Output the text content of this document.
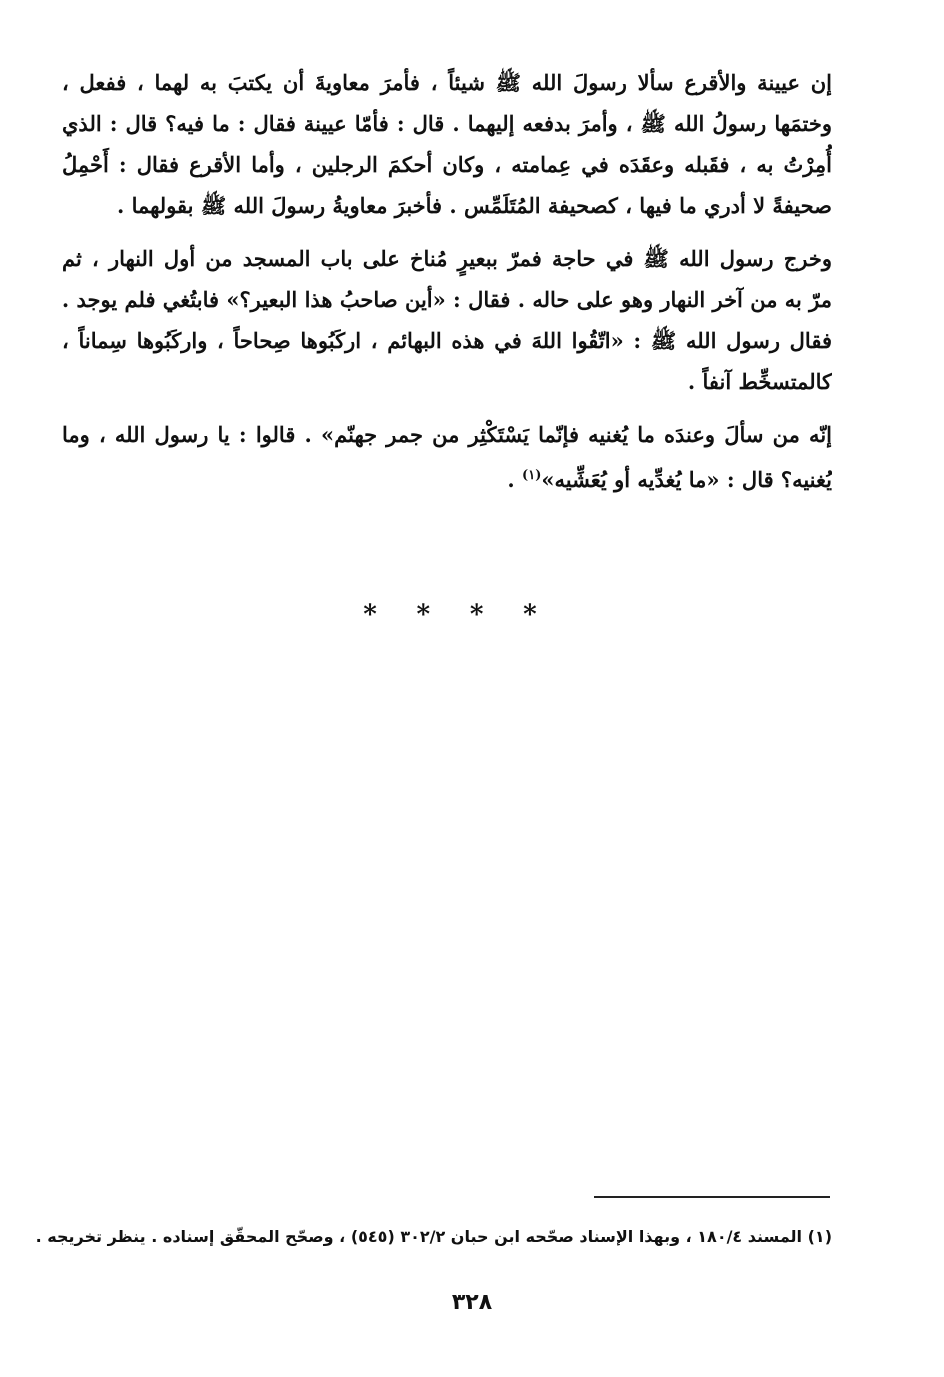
إن عيينة والأقرع سألا رسولَ الله ﷺ شيئاً ، فأمرَ معاويةَ أن يكتبَ به لهما ، ففعل ،
وختمَها رسولُ الله ﷺ ، وأمرَ بدفعه إليهما . قال : فأمّا عيينة فقال : ما فيه؟ قال : الذي
أُمِرْتُ به ، فقَبله وعقَدَه في عِمامته ، وكان أحكمَ الرجلين ، وأما الأقرع فقال : أَحْمِلُ
صحيفةً لا أدري ما فيها ، كصحيفة المُتَلَمِّس . فأخبرَ معاويةُ رسولَ الله ﷺ بقولهما .
وخرج رسول الله ﷺ في حاجة فمرّ ببعيرٍ مُناخ على باب المسجد من أول النهار ، ثم
مرّ به من آخر النهار وهو على حاله . فقال : «أين صاحبُ هذا البعير؟» فابتُغي فلم يوجد .
فقال رسول الله ﷺ : «اتّقُوا اللهَ في هذه البهائم ، اركَبُوها صِحاحاً ، واركَبُوها سِماناً ،
كالمتسخِّط آنفاً .
إنّه من سألَ وعندَه ما يُغنيه فإنّما يَسْتَكْثِر من جمر جهنّم» . قالوا : يا رسول الله ، وما
يُغنيه؟ قال : «ما يُغدِّيه أو يُعَشِّيه»$^{(١)}$ .
*	*	*	*
(١) المسند ١٨٠/٤ ، وبهذا الإسناد صحّحه ابن حبان ٣٠٢/٢ (٥٤٥) ، وصحّح المحقّق إسناده . ينظر تخريجه .
٣٢٨
